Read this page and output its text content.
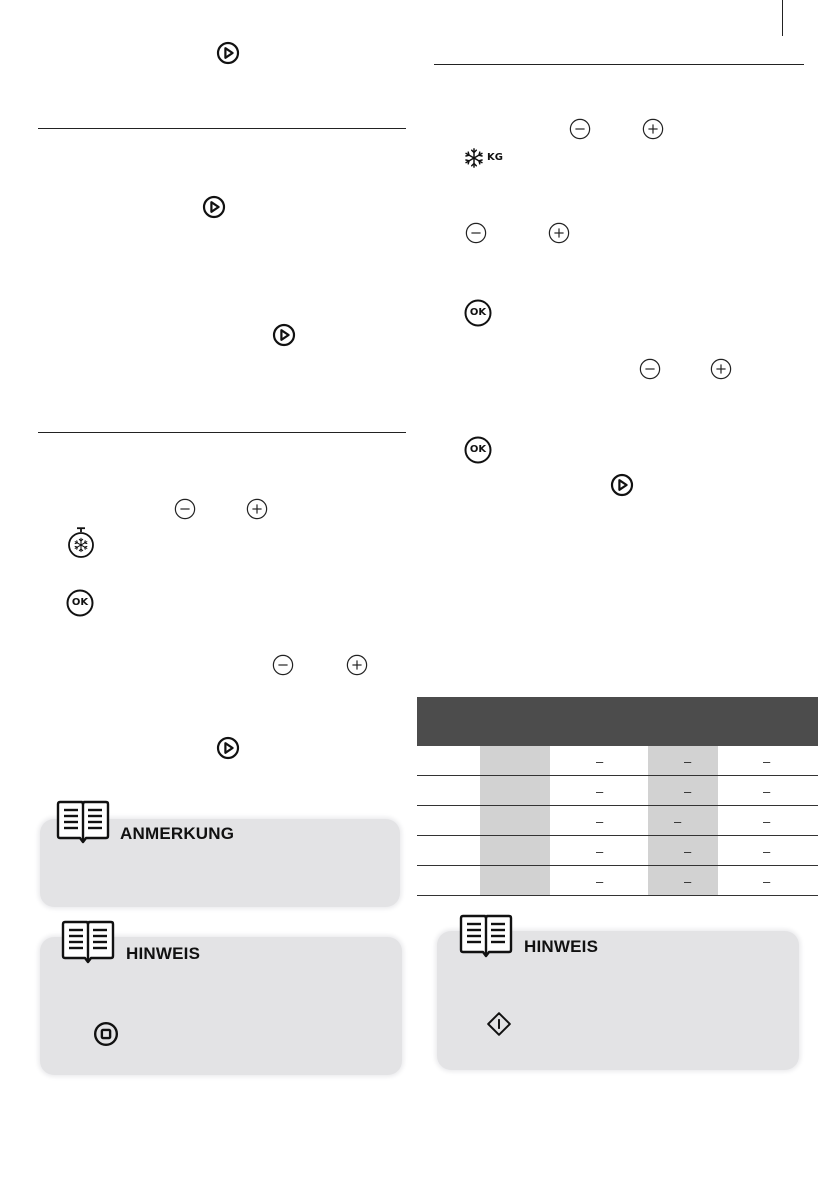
OK
ANMERKUNG
HINWEIS
KG
OK
OK
–	–	–
–	–	–
–	–	–
–	–	–
–	–	–
HINWEIS
